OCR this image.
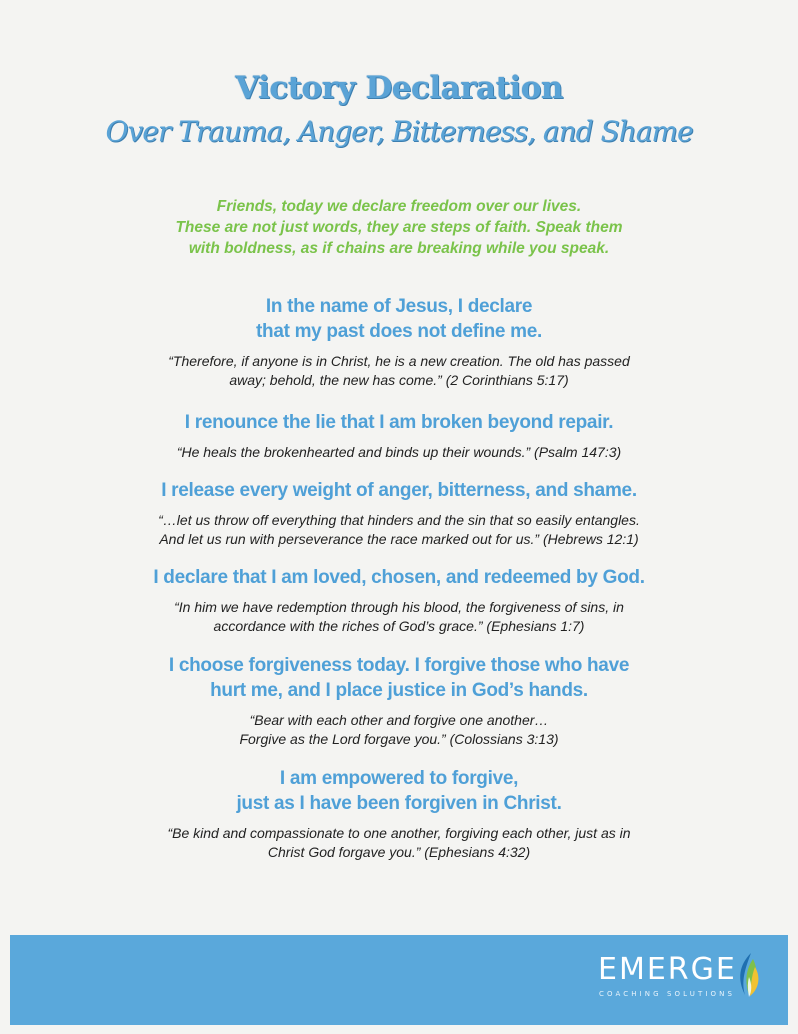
Victory Declaration
Over Trauma, Anger, Bitterness, and Shame
Friends, today we declare freedom over our lives.
These are not just words, they are steps of faith. Speak them
with boldness, as if chains are breaking while you speak.
In the name of Jesus, I declare
that my past does not define me.
“Therefore, if anyone is in Christ, he is a new creation. The old has passed
away; behold, the new has come.” (2 Corinthians 5:17)
I renounce the lie that I am broken beyond repair.
“He heals the brokenhearted and binds up their wounds.” (Psalm 147:3)
I release every weight of anger, bitterness, and shame.
“…let us throw off everything that hinders and the sin that so easily entangles.
And let us run with perseverance the race marked out for us.” (Hebrews 12:1)
I declare that I am loved, chosen, and redeemed by God.
“In him we have redemption through his blood, the forgiveness of sins, in
accordance with the riches of God’s grace.” (Ephesians 1:7)
I choose forgiveness today. I forgive those who have
hurt me, and I place justice in God’s hands.
“Bear with each other and forgive one another…
Forgive as the Lord forgave you.” (Colossians 3:13)
I am empowered to forgive,
just as I have been forgiven in Christ.
“Be kind and compassionate to one another, forgiving each other, just as in
Christ God forgave you.” (Ephesians 4:32)
EMERGE
COACHING SOLUTIONS
